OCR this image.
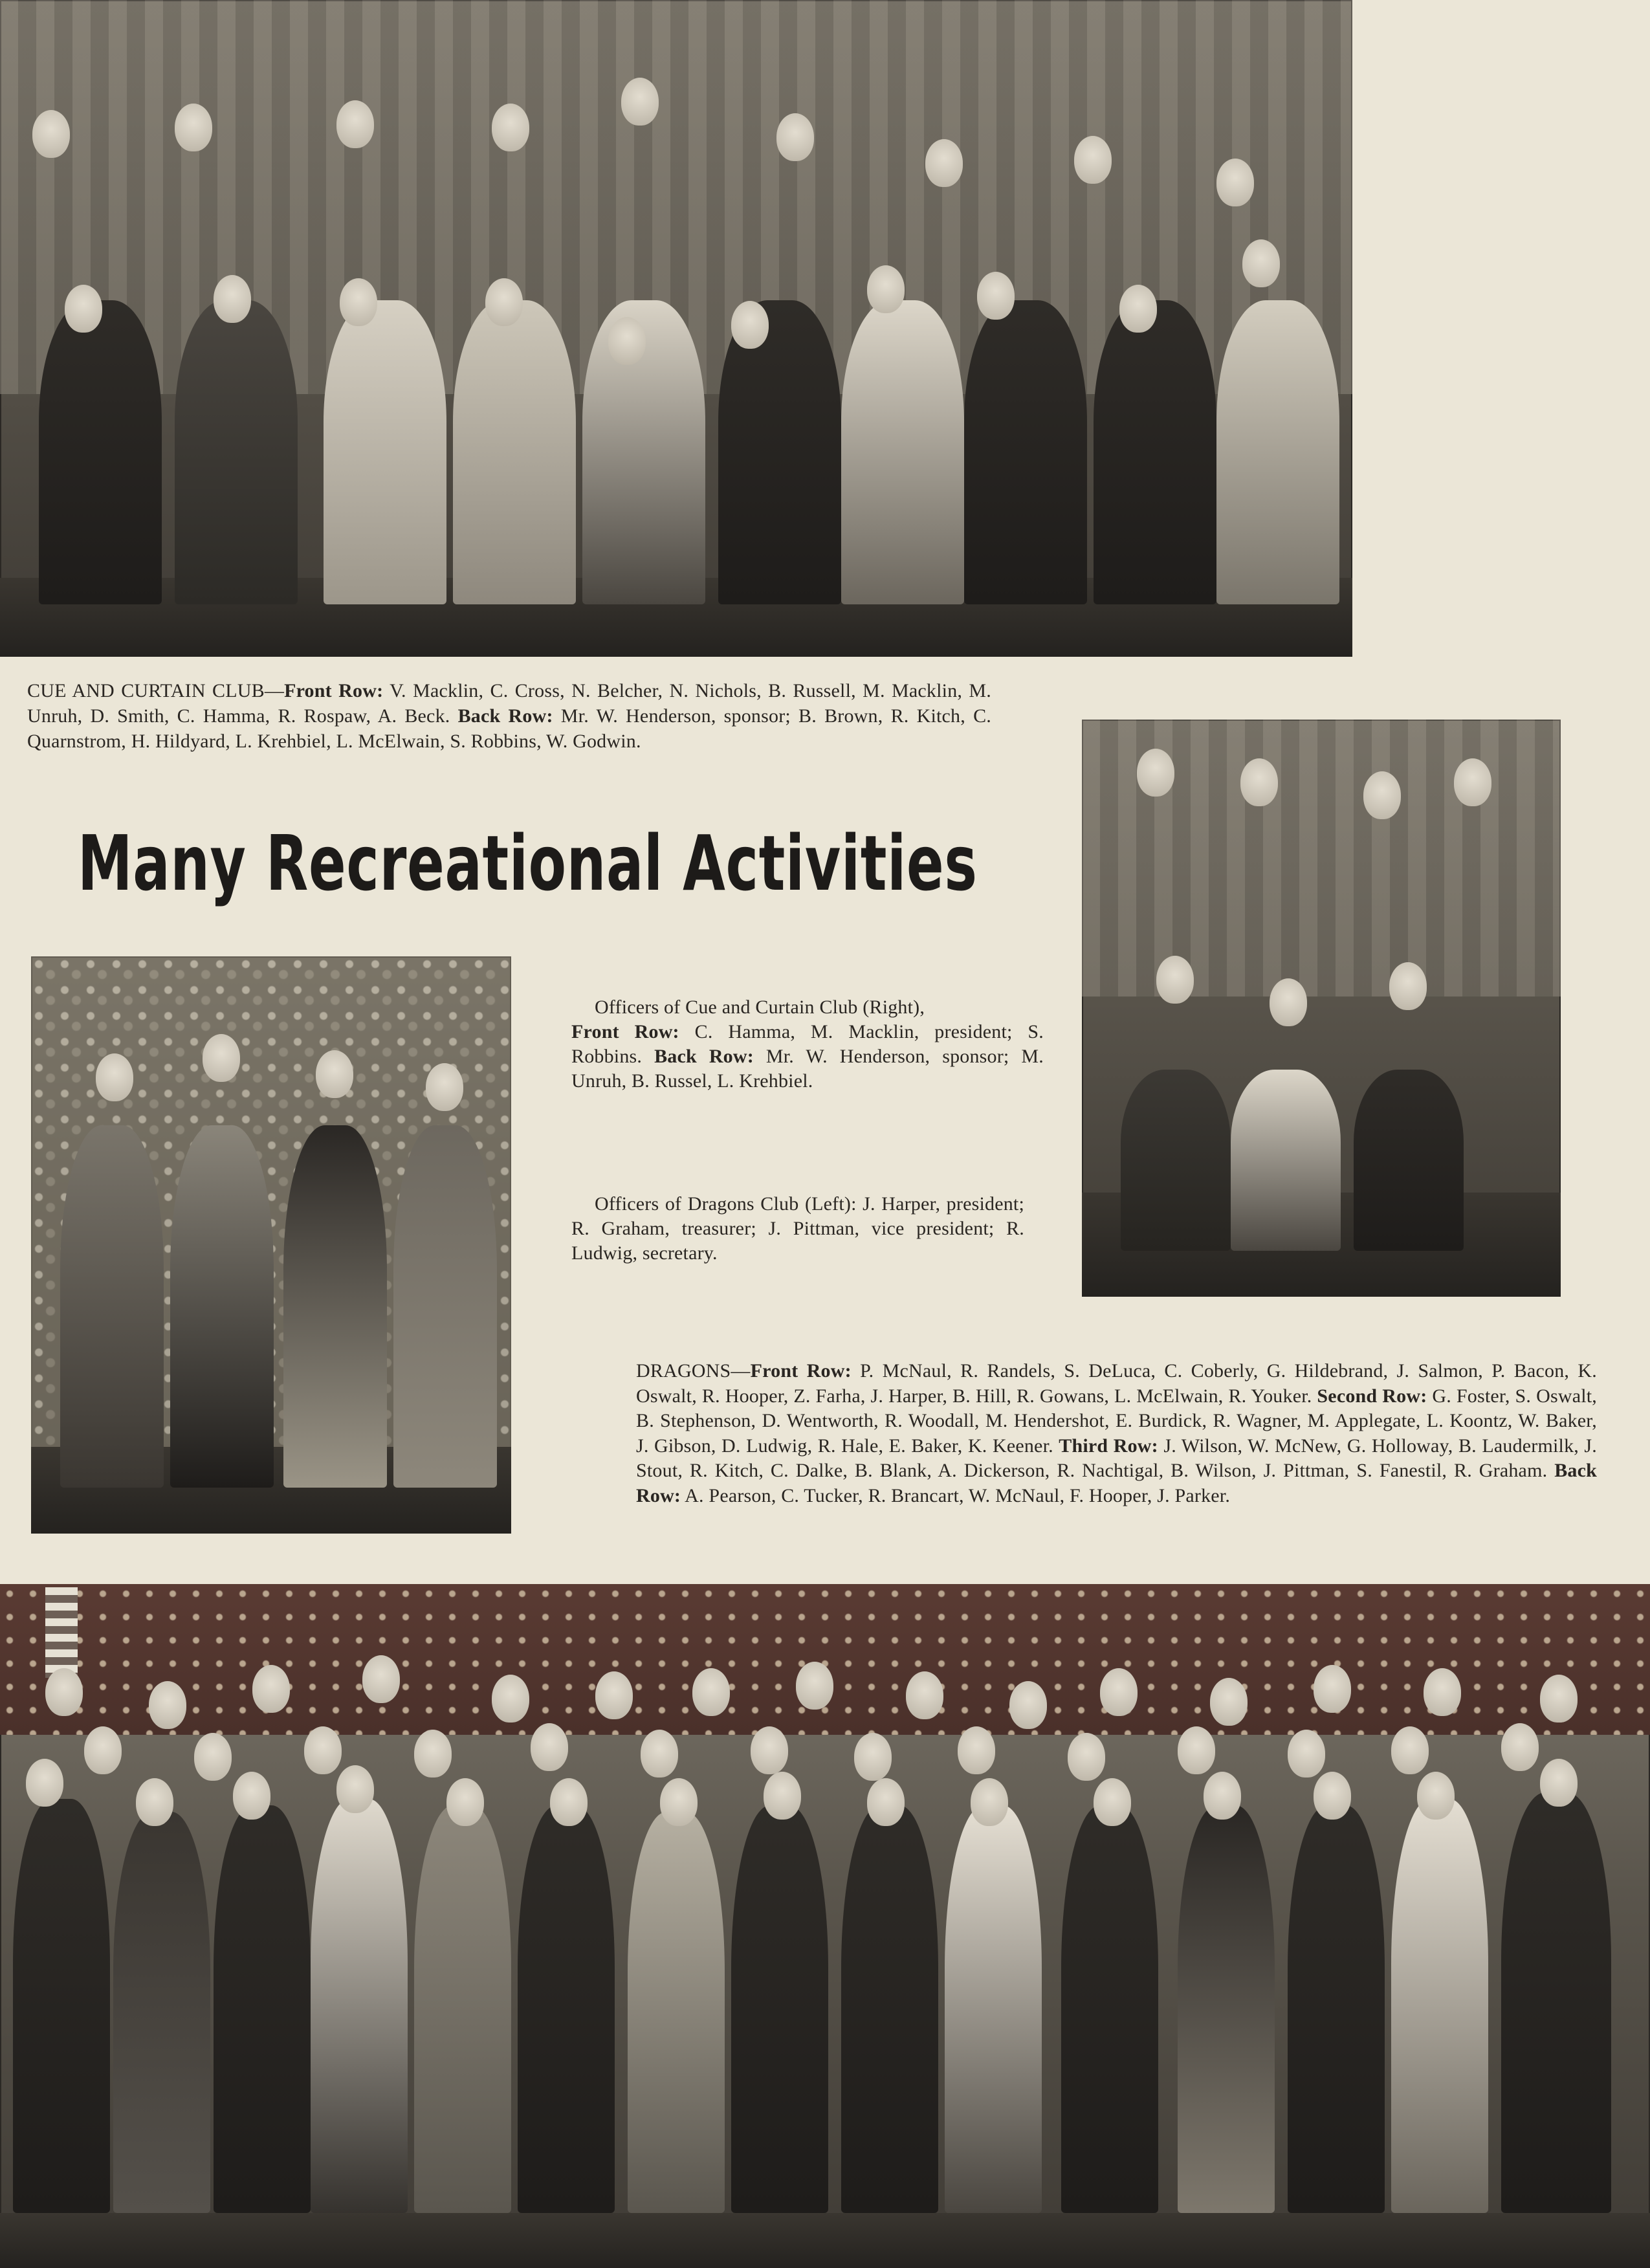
CUE AND CURTAIN CLUB—Front Row: V. Macklin, C. Cross, N. Belcher, N. Nichols, B. Russell, M. Macklin, M. Unruh, D. Smith, C. Hamma, R. Rospaw, A. Beck. Back Row: Mr. W. Henderson, sponsor; B. Brown, R. Kitch, C. Quarnstrom, H. Hildyard, L. Krehbiel, L. McElwain, S. Robbins, W. Godwin.
Many Recreational Activities
Officers of Cue and Curtain Club (Right),
Front Row: C. Hamma, M. Macklin, president; S. Robbins. Back Row: Mr. W. Henderson, sponsor; M. Unruh, B. Russel, L. Krehbiel.
Officers of Dragons Club (Left): J. Harper, president; R. Graham, treasurer; J. Pittman, vice president; R. Ludwig, secretary.
DRAGONS—Front Row: P. McNaul, R. Randels, S. DeLuca, C. Coberly, G. Hildebrand, J. Salmon, P. Bacon, K. Oswalt, R. Hooper, Z. Farha, J. Harper, B. Hill, R. Gowans, L. McElwain, R. Youker. Second Row: G. Foster, S. Oswalt, B. Stephenson, D. Wentworth, R. Woodall, M. Hendershot, E. Burdick, R. Wagner, M. Applegate, L. Koontz, W. Baker, J. Gibson, D. Ludwig, R. Hale, E. Baker, K. Keener. Third Row: J. Wilson, W. McNew, G. Holloway, B. Laudermilk, J. Stout, R. Kitch, C. Dalke, B. Blank, A. Dickerson, R. Nachtigal, B. Wilson, J. Pittman, S. Fanestil, R. Graham. Back Row: A. Pearson, C. Tucker, R. Brancart, W. McNaul, F. Hooper, J. Parker.
